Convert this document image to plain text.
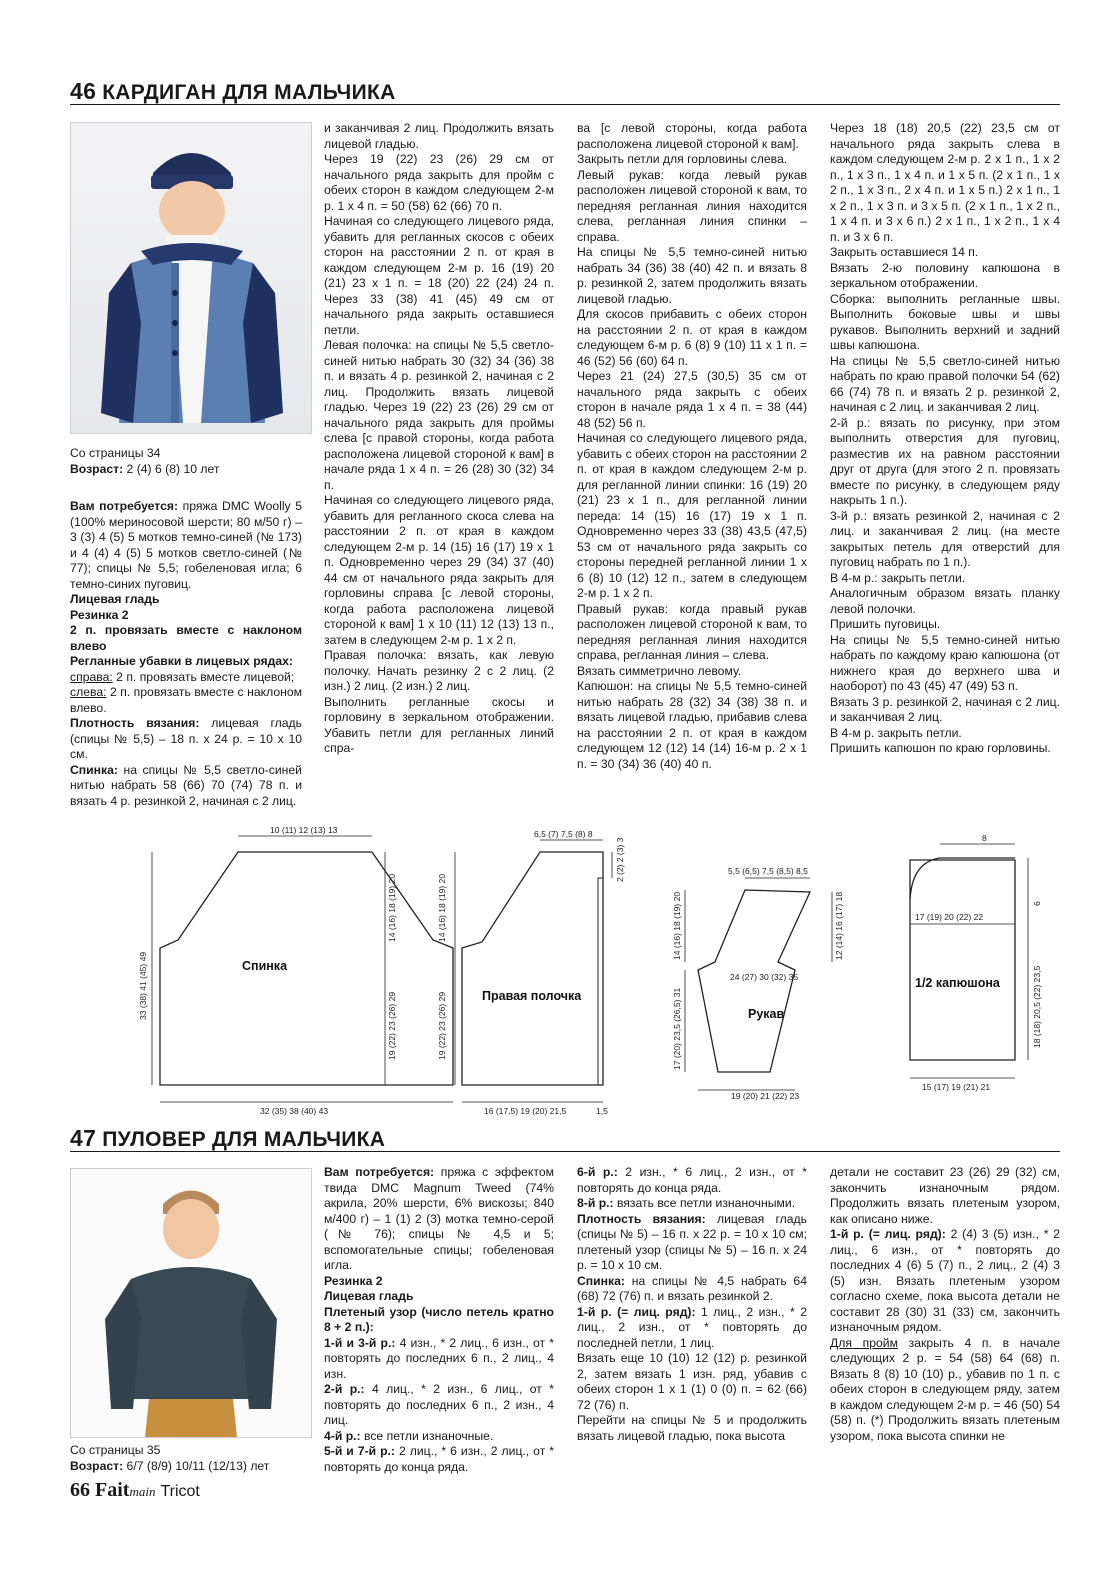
46 КАРДИГАН ДЛЯ МАЛЬЧИКА
Со страницы 34
Возраст: 2 (4) 6 (8) 10 лет

Вам потребуется: пряжа DMC Woolly 5 (100% мериносовой шерсти; 80 м/50 г) – 3 (3) 4 (5) 5 мотков темно-синей (№ 173) и 4 (4) 4 (5) 5 мотков светло-синей (№ 77); спицы № 5,5; гобеленовая игла; 6 темно-синих пуговиц.

Лицевая гладь

Резинка 2

2 п. провязать вместе с наклоном влево

Регланные убавки в лицевых рядах:

справа: 2 п. провязать вместе лицевой;

слева: 2 п. провязать вместе с наклоном влево.

Плотность вязания: лицевая гладь (спицы № 5,5) – 18 п. x 24 р. = 10 x 10 см.

Спинка: на спицы № 5,5 светло-синей нитью набрать 58 (66) 70 (74) 78 п. и вязать 4 р. резинкой 2, начиная с 2 лиц.

и заканчивая 2 лиц. Продолжить вязать лицевой гладью.

Через 19 (22) 23 (26) 29 см от начального ряда закрыть для пройм с обеих сторон в каждом следующем 2-м р. 1 x 4 п. = 50 (58) 62 (66) 70 п.

Начиная со следующего лицевого ряда, убавить для регланных скосов с обеих сторон на расстоянии 2 п. от края в каждом следующем 2-м р. 16 (19) 20 (21) 23 x 1 п. = 18 (20) 22 (24) 24 п. Через 33 (38) 41 (45) 49 см от начального ряда закрыть оставшиеся петли.

Левая полочка: на спицы № 5,5 светло-синей нитью набрать 30 (32) 34 (36) 38 п. и вязать 4 р. резинкой 2, начиная с 2 лиц. Продолжить вязать лицевой гладью. Через 19 (22) 23 (26) 29 см от начального ряда закрыть для проймы слева [с правой стороны, когда работа расположена лицевой стороной к вам] в начале ряда 1 x 4 п. = 26 (28) 30 (32) 34 п.

Начиная со следующего лицевого ряда, убавить для регланного скоса слева на расстоянии 2 п. от края в каждом следующем 2-м р. 14 (15) 16 (17) 19 x 1 п. Одновременно через 29 (34) 37 (40) 44 см от начального ряда закрыть для горловины справа [с левой стороны, когда работа расположена лицевой стороной к вам] 1 x 10 (11) 12 (13) 13 п., затем в следующем 2-м р. 1 x 2 п.

Правая полочка: вязать, как левую полочку. Начать резинку 2 с 2 лиц. (2 изн.) 2 лиц. (2 изн.) 2 лиц.

Выполнить регланные скосы и горловину в зеркальном отображении. Убавить петли для регланных линий спра-

ва [с левой стороны, когда работа расположена лицевой стороной к вам].

Закрыть петли для горловины слева.

Левый рукав: когда левый рукав расположен лицевой стороной к вам, то передняя регланная линия находится слева, регланная линия спинки – справа.

На спицы № 5,5 темно-синей нитью набрать 34 (36) 38 (40) 42 п. и вязать 8 р. резинкой 2, затем продолжить вязать лицевой гладью.

Для скосов прибавить с обеих сторон на расстоянии 2 п. от края в каждом следующем 6-м р. 6 (8) 9 (10) 11 x 1 п. = 46 (52) 56 (60) 64 п.

Через 21 (24) 27,5 (30,5) 35 см от начального ряда закрыть с обеих сторон в начале ряда 1 x 4 п. = 38 (44) 48 (52) 56 п.

Начиная со следующего лицевого ряда, убавить с обеих сторон на расстоянии 2 п. от края в каждом следующем 2-м р. для регланной линии спинки: 16 (19) 20 (21) 23 x 1 п., для регланной линии переда: 14 (15) 16 (17) 19 x 1 п. Одновременно через 33 (38) 43,5 (47,5) 53 см от начального ряда закрыть со стороны передней регланной линии 1 x 6 (8) 10 (12) 12 п., затем в следующем 2-м р. 1 x 2 п.

Правый рукав: когда правый рукав расположен лицевой стороной к вам, то передняя регланная линия находится справа, регланная линия – слева.

Вязать симметрично левому.

Капюшон: на спицы № 5,5 темно-синей нитью набрать 28 (32) 34 (38) 38 п. и вязать лицевой гладью, прибавив слева на расстоянии 2 п. от края в каждом следующем 12 (12) 14 (14) 16-м р. 2 x 1 п. = 30 (34) 36 (40) 40 п.

Через 18 (18) 20,5 (22) 23,5 см от начального ряда закрыть слева в каждом следующем 2-м р. 2 x 1 п., 1 x 2 п., 1 x 3 п., 1 x 4 п. и 1 x 5 п. (2 x 1 п., 1 x 2 п., 1 x 3 п., 2 x 4 п. и 1 x 5 п.) 2 x 1 п., 1 x 2 п., 1 x 3 п. и 3 x 5 п. (2 x 1 п., 1 x 2 п., 1 x 4 п. и 3 x 6 п.) 2 x 1 п., 1 x 2 п., 1 x 4 п. и 3 x 6 п.

Закрыть оставшиеся 14 п.

Вязать 2-ю половину капюшона в зеркальном отображении.

Сборка: выполнить регланные швы. Выполнить боковые швы и швы рукавов. Выполнить верхний и задний швы капюшона.

На спицы № 5,5 светло-синей нитью набрать по краю правой полочки 54 (62) 66 (74) 78 п. и вязать 2 р. резинкой 2, начиная с 2 лиц. и заканчивая 2 лиц.

2-й р.: вязать по рисунку, при этом выполнить отверстия для пуговиц, разместив их на равном расстоянии друг от друга (для этого 2 п. провязать вместе по рисунку, в следующем ряду накрыть 1 п.).

3-й р.: вязать резинкой 2, начиная с 2 лиц. и заканчивая 2 лиц. (на месте закрытых петель для отверстий для пуговиц набрать по 1 п.).

В 4-м р.: закрыть петли.

Аналогичным образом вязать планку левой полочки.

Пришить пуговицы.

На спицы № 5,5 темно-синей нитью набрать по каждому краю капюшона (от нижнего края до верхнего шва и наоборот) по 43 (45) 47 (49) 53 п.

Вязать 3 р. резинкой 2, начиная с 2 лиц. и заканчивая 2 лиц.

В 4-м р. закрыть петли.

Пришить капюшон по краю горловины.

10 (11) 12 (13) 13
32 (35) 38 (40) 43
33 (38) 41 (45) 49
14 (16) 18 (19) 20
19 (22) 23 (26) 29
Спинка
6,5 (7) 7,5 (8) 8
2 (2) 2 (3) 3
14 (16) 18 (19) 20
19 (22) 23 (26) 29
16 (17,5) 19 (20) 21,5	1,5
Правая полочка
5,5 (6,5) 7,5 (8,5) 8,5
24 (27) 30 (32) 35
19 (20) 21 (22) 23
14 (16) 18 (19) 20
17 (20) 23,5 (26,5) 31
12 (14) 16 (17) 18
Рукав
8
6
17 (19) 20 (22) 22
15 (17) 19 (21) 21
18 (18) 20,5 (22) 23,5
1/2 капюшона
47 ПУЛОВЕР ДЛЯ МАЛЬЧИКА
Со страницы 35
Возраст: 6/7 (8/9) 10/11 (12/13) лет

Вам потребуется: пряжа с эффектом твида DMC Magnum Tweed (74% акрила, 20% шерсти, 6% вискозы; 840 м/400 г) – 1 (1) 2 (3) мотка темно-серой (№ 76); спицы № 4,5 и 5; вспомогательные спицы; гобеленовая игла.

Резинка 2

Лицевая гладь

Плетеный узор (число петель кратно 8 + 2 п.):

1-й и 3-й р.: 4 изн., * 2 лиц., 6 изн., от * повторять до последних 6 п., 2 лиц., 4 изн.

2-й р.: 4 лиц., * 2 изн., 6 лиц., от * повторять до последних 6 п., 2 изн., 4 лиц.

4-й р.: все петли изнаночные.

5-й и 7-й р.: 2 лиц., * 6 изн., 2 лиц., от * повторять до конца ряда.

6-й р.: 2 изн., * 6 лиц., 2 изн., от * повторять до конца ряда.

8-й р.: вязать все петли изнаночными.

Плотность вязания: лицевая гладь (спицы № 5) – 16 п. x 22 р. = 10 x 10 см; плетеный узор (спицы № 5) – 16 п. x 24 р. = 10 x 10 см.

Спинка: на спицы № 4,5 набрать 64 (68) 72 (76) п. и вязать резинкой 2.

1-й р. (= лиц. ряд): 1 лиц., 2 изн., * 2 лиц., 2 изн., от * повторять до последней петли, 1 лиц.

Вязать еще 10 (10) 12 (12) р. резинкой 2, затем вязать 1 изн. ряд, убавив с обеих сторон 1 x 1 (1) 0 (0) п. = 62 (66) 72 (76) п.

Перейти на спицы № 5 и продолжить вязать лицевой гладью, пока высота

детали не составит 23 (26) 29 (32) см, закончить изнаночным рядом. Продолжить вязать плетеным узором, как описано ниже.

1-й р. (= лиц. ряд): 2 (4) 3 (5) изн., * 2 лиц., 6 изн., от * повторять до последних 4 (6) 5 (7) п., 2 лиц., 2 (4) 3 (5) изн. Вязать плетеным узором согласно схеме, пока высота детали не составит 28 (30) 31 (33) см, закончить изнаночным рядом.

Для пройм закрыть 4 п. в начале следующих 2 р. = 54 (58) 64 (68) п. Вязать 8 (8) 10 (10) р., убавив по 1 п. с обеих сторон в следующем ряду, затем в каждом следующем 2-м р. = 46 (50) 54 (58) п. (*) Продолжить вязать плетеным узором, пока высота спинки не

66 Faitmain Tricot
